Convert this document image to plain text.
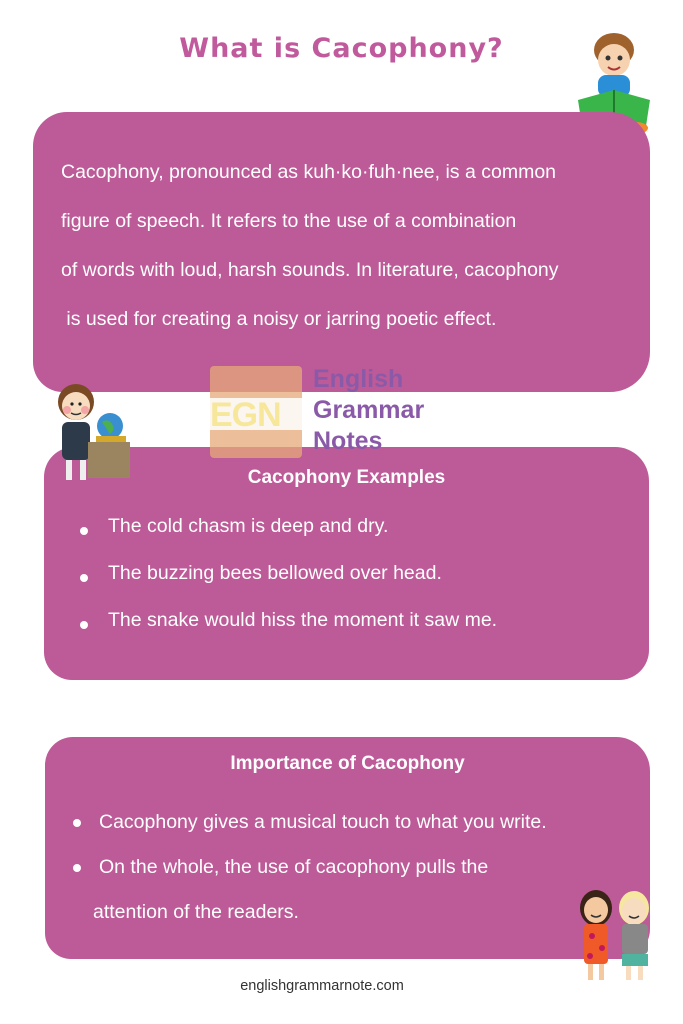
What is Cacophony?
Cacophony, pronounced as kuh·ko·fuh·nee, is a common
figure of speech. It refers to the use of a combination
of words with loud, harsh sounds. In literature, cacophony
is used for creating a noisy or jarring poetic effect.
Cacophony Examples
The cold chasm is deep and dry.
The buzzing bees bellowed over head.
The snake would hiss the moment it saw me.
EGN
English
Grammar
Notes
Importance of Cacophony
Cacophony gives a musical touch to what you write.
On the whole, the use of cacophony pulls the
attention of the readers.
englishgrammarnote.com
